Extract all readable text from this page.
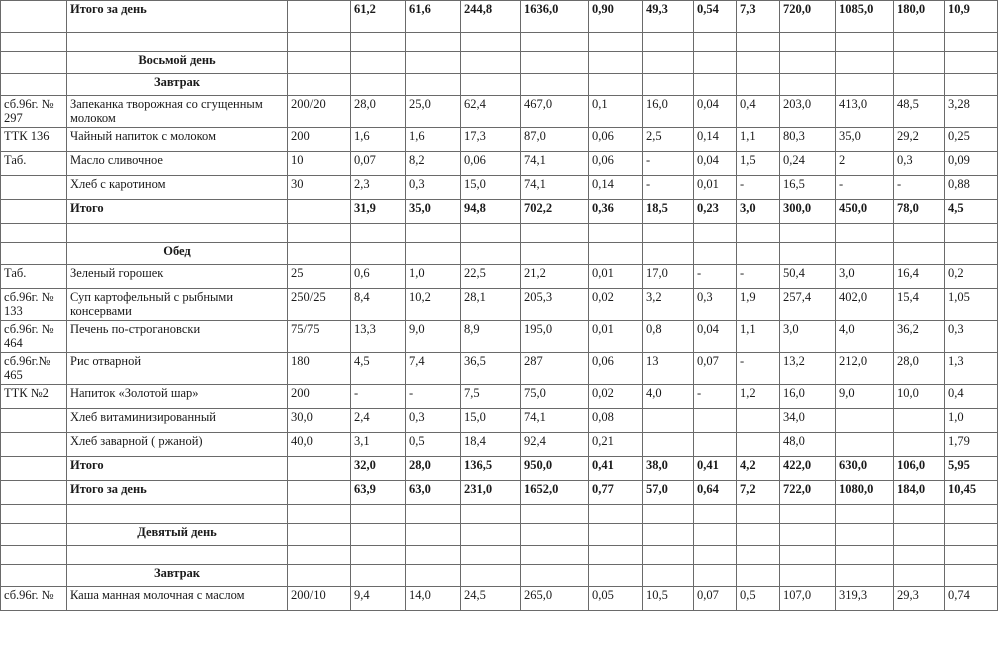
	Итого за день		61,2	61,6	244,8	1636,0	0,90	49,3	0,54	7,3	720,0	1085,0	180,0	10,9

	Восьмой день													
	Завтрак													
сб.96г. № 297	Запеканка творожная со сгущенным молоком	200/20	28,0	25,0	62,4	467,0	0,1	16,0	0,04	0,4	203,0	413,0	48,5	3,28
ТТК 136	Чайный напиток с молоком	200	1,6	1,6	17,3	87,0	0,06	2,5	0,14	1,1	80,3	35,0	29,2	0,25
Таб.	Масло сливочное	10	0,07	8,2	0,06	74,1	0,06	-	0,04	1,5	0,24	2	0,3	0,09
	Хлеб с каротином	30	2,3	0,3	15,0	74,1	0,14	-	0,01	-	16,5	-	-	0,88
	Итого		31,9	35,0	94,8	702,2	0,36	18,5	0,23	3,0	300,0	450,0	78,0	4,5

	Обед													
Таб.	Зеленый горошек	25	0,6	1,0	22,5	21,2	0,01	17,0	-	-	50,4	3,0	16,4	0,2
сб.96г. № 133	Суп картофельный с рыбными консервами	250/25	8,4	10,2	28,1	205,3	0,02	3,2	0,3	1,9	257,4	402,0	15,4	1,05
сб.96г. № 464	Печень по-строгановски	75/75	13,3	9,0	8,9	195,0	0,01	0,8	0,04	1,1	3,0	4,0	36,2	0,3
сб.96г.№ 465	Рис отварной	180	4,5	7,4	36,5	287	0,06	13	0,07	-	13,2	212,0	28,0	1,3
ТТК №2	Напиток «Золотой шар»	200	-	-	7,5	75,0	0,02	4,0	-	1,2	16,0	9,0	10,0	0,4
	Хлеб витаминизированный	30,0	2,4	0,3	15,0	74,1	0,08				34,0			1,0
	Хлеб заварной ( ржаной)	40,0	3,1	0,5	18,4	92,4	0,21				48,0			1,79
	Итого		32,0	28,0	136,5	950,0	0,41	38,0	0,41	4,2	422,0	630,0	106,0	5,95
	Итого за день		63,9	63,0	231,0	1652,0	0,77	57,0	0,64	7,2	722,0	1080,0	184,0	10,45

	Девятый день													

	Завтрак													
сб.96г. №	Каша манная молочная с маслом	200/10	9,4	14,0	24,5	265,0	0,05	10,5	0,07	0,5	107,0	319,3	29,3	0,74
